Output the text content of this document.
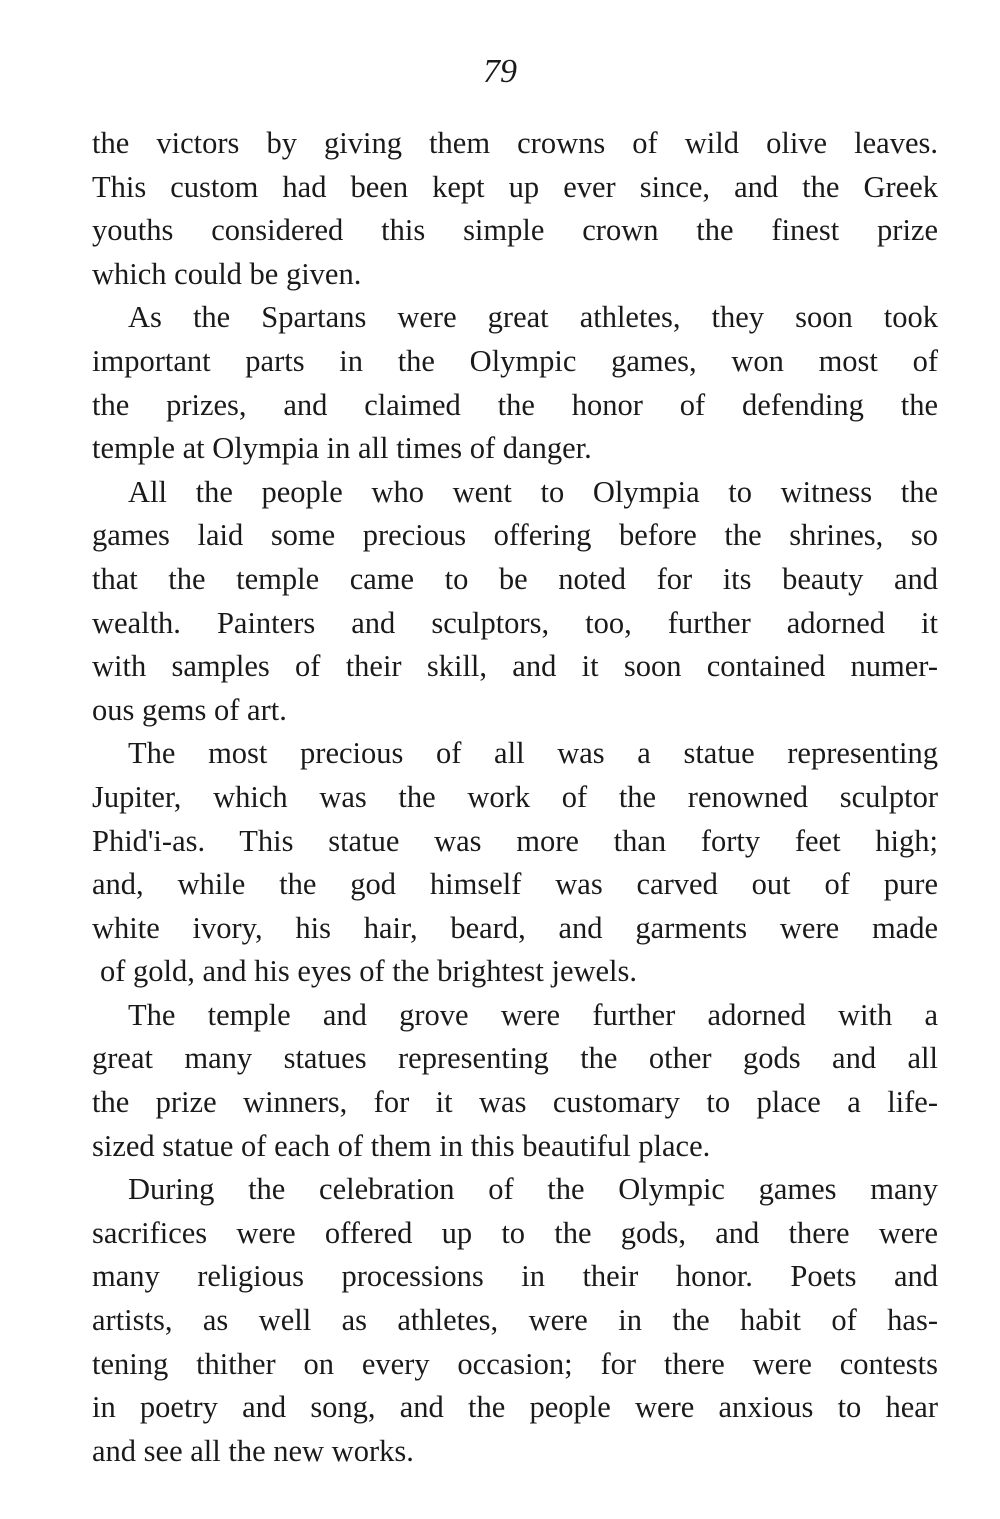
79
the victors by giving them crowns of wild olive leaves.
This custom had been kept up ever since, and the Greek
youths considered this simple crown the finest prize
which could be given.
As the Spartans were great athletes, they soon took
important parts in the Olympic games, won most of
the prizes, and claimed the honor of defending the
temple at Olympia in all times of danger.
All the people who went to Olympia to witness the
games laid some precious offering before the shrines, so
that the temple came to be noted for its beauty and
wealth. Painters and sculptors, too, further adorned it
with samples of their skill, and it soon contained numer-
ous gems of art.
The most precious of all was a statue representing
Jupiter, which was the work of the renowned sculptor
Phid'i-as. This statue was more than forty feet high;
and, while the god himself was carved out of pure
white ivory, his hair, beard, and garments were made
of gold, and his eyes of the brightest jewels.
The temple and grove were further adorned with a
great many statues representing the other gods and all
the prize winners, for it was customary to place a life-
sized statue of each of them in this beautiful place.
During the celebration of the Olympic games many
sacrifices were offered up to the gods, and there were
many religious processions in their honor. Poets and
artists, as well as athletes, were in the habit of has-
tening thither on every occasion; for there were contests
in poetry and song, and the people were anxious to hear
and see all the new works.
